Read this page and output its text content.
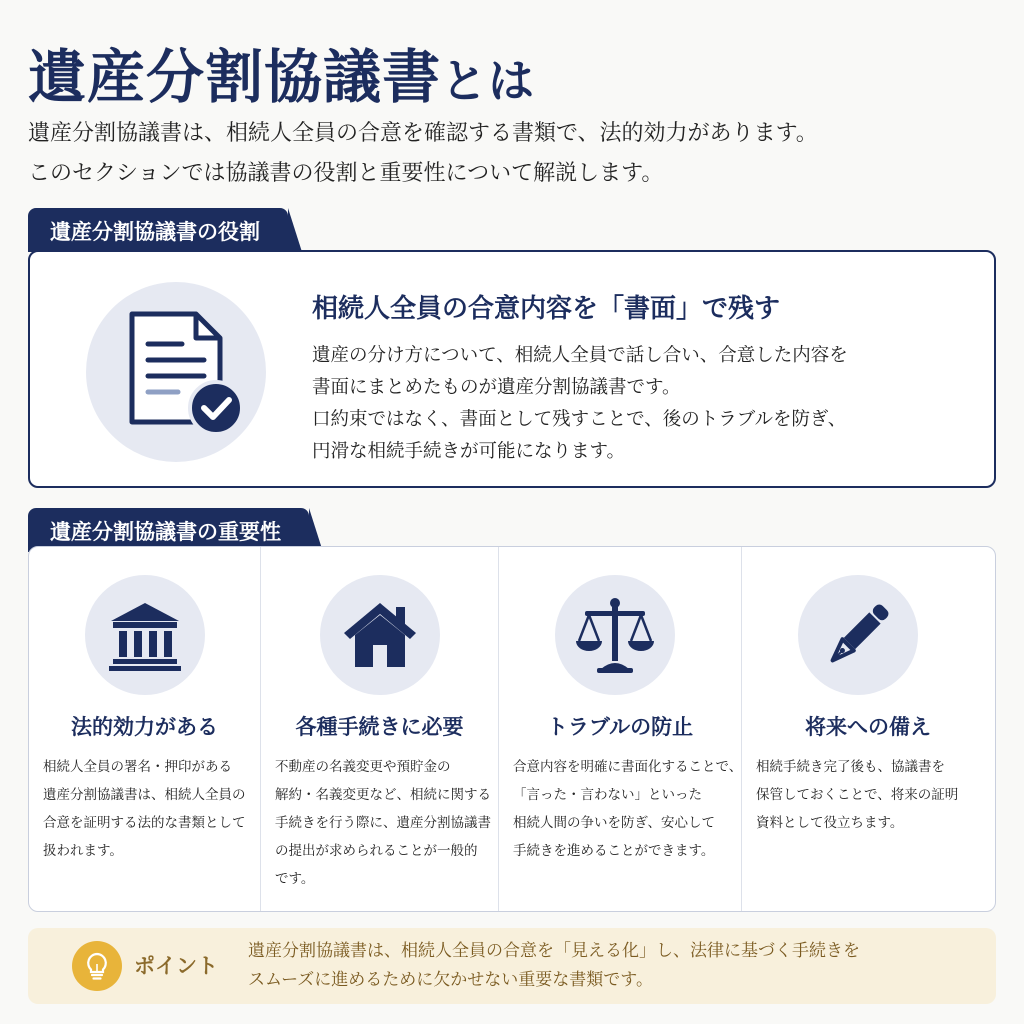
遺産分割協議書とは
遺産分割協議書は、相続人全員の合意を確認する書類で、法的効力があります。
このセクションでは協議書の役割と重要性について解説します。
遺産分割協議書の役割
相続人全員の合意内容を「書面」で残す
遺産の分け方について、相続人全員で話し合い、合意した内容を
書面にまとめたものが遺産分割協議書です。
口約束ではなく、書面として残すことで、後のトラブルを防ぎ、
円滑な相続手続きが可能になります。
遺産分割協議書の重要性
法的効力がある
相続人全員の署名・押印がある
遺産分割協議書は、相続人全員の
合意を証明する法的な書類として
扱われます。
各種手続きに必要
不動産の名義変更や預貯金の
解約・名義変更など、相続に関する
手続きを行う際に、遺産分割協議書
の提出が求められることが一般的
です。
トラブルの防止
合意内容を明確に書面化することで、
「言った・言わない」といった
相続人間の争いを防ぎ、安心して
手続きを進めることができます。
将来への備え
相続手続き完了後も、協議書を
保管しておくことで、将来の証明
資料として役立ちます。
ポイント
遺産分割協議書は、相続人全員の合意を「見える化」し、法律に基づく手続きを
スムーズに進めるために欠かせない重要な書類です。
